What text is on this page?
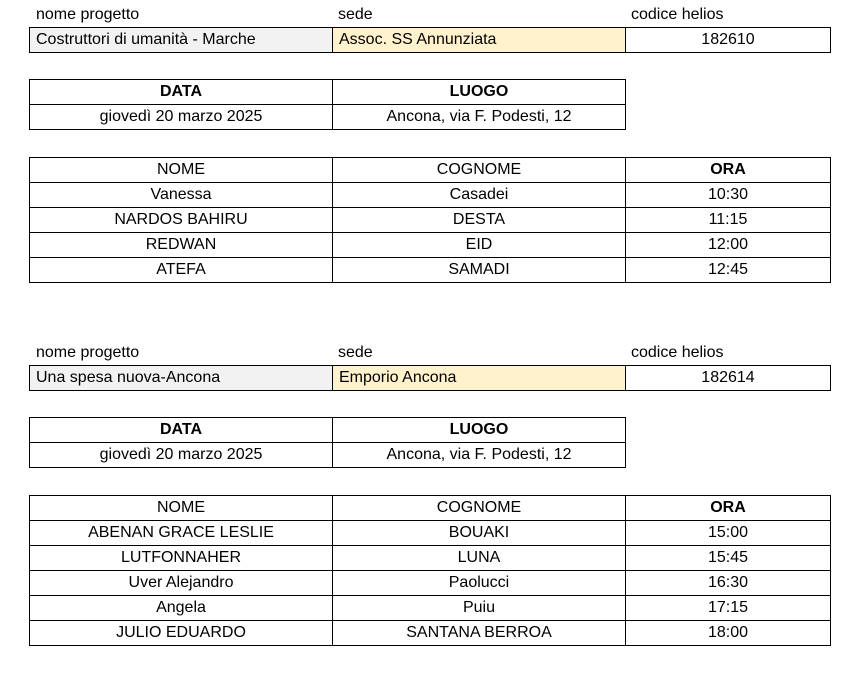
nome progetto	sede	codice helios
Costruttori di umanità - Marche	Assoc. SS Annunziata	182610
DATA	LUOGO
giovedì 20 marzo 2025	Ancona, via F. Podesti, 12
NOME	COGNOME	ORA
Vanessa	Casadei	10:30
NARDOS BAHIRU	DESTA	11:15
REDWAN	EID	12:00
ATEFA	SAMADI	12:45
nome progetto	sede	codice helios
Una spesa nuova-Ancona	Emporio Ancona	182614
DATA	LUOGO
giovedì 20 marzo 2025	Ancona, via F. Podesti, 12
NOME	COGNOME	ORA
ABENAN GRACE LESLIE	BOUAKI	15:00
LUTFONNAHER	LUNA	15:45
Uver Alejandro	Paolucci	16:30
Angela	Puiu	17:15
JULIO EDUARDO	SANTANA BERROA	18:00
